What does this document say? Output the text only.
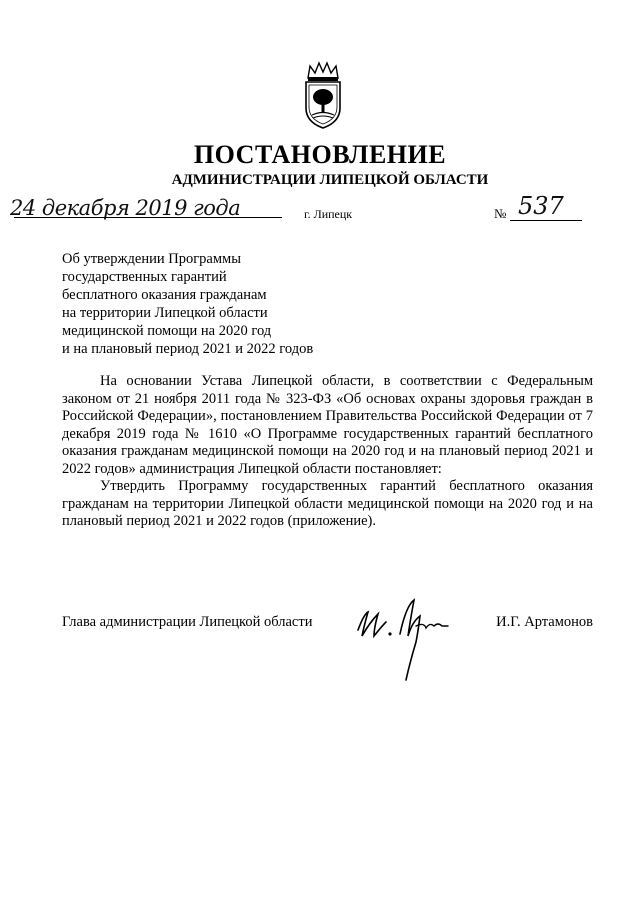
ПОСТАНОВЛЕНИЕ
АДМИНИСТРАЦИИ ЛИПЕЦКОЙ ОБЛАСТИ
24 декабря 2019 года	г. Липецк	№ 537
Об утверждении Программы
государственных гарантий
бесплатного оказания гражданам
на территории Липецкой области
медицинской помощи на 2020 год
и на плановый период 2021 и 2022 годов

На основании Устава Липецкой области, в соответствии с Федеральным законом от 21 ноября 2011 года № 323-ФЗ «Об основах охраны здоровья граждан в Российской Федерации», постановлением Правительства Российской Федерации от 7 декабря 2019 года № 1610 «О Программе государственных гарантий бесплатного оказания гражданам медицинской помощи на 2020 год и на плановый период 2021 и 2022 годов» администрация Липецкой области постановляет:

Утвердить Программу государственных гарантий бесплатного оказания гражданам на территории Липецкой области медицинской помощи на 2020 год и на плановый период 2021 и 2022 годов (приложение).

Глава администрации Липецкой области	И.Г. Артамонов
